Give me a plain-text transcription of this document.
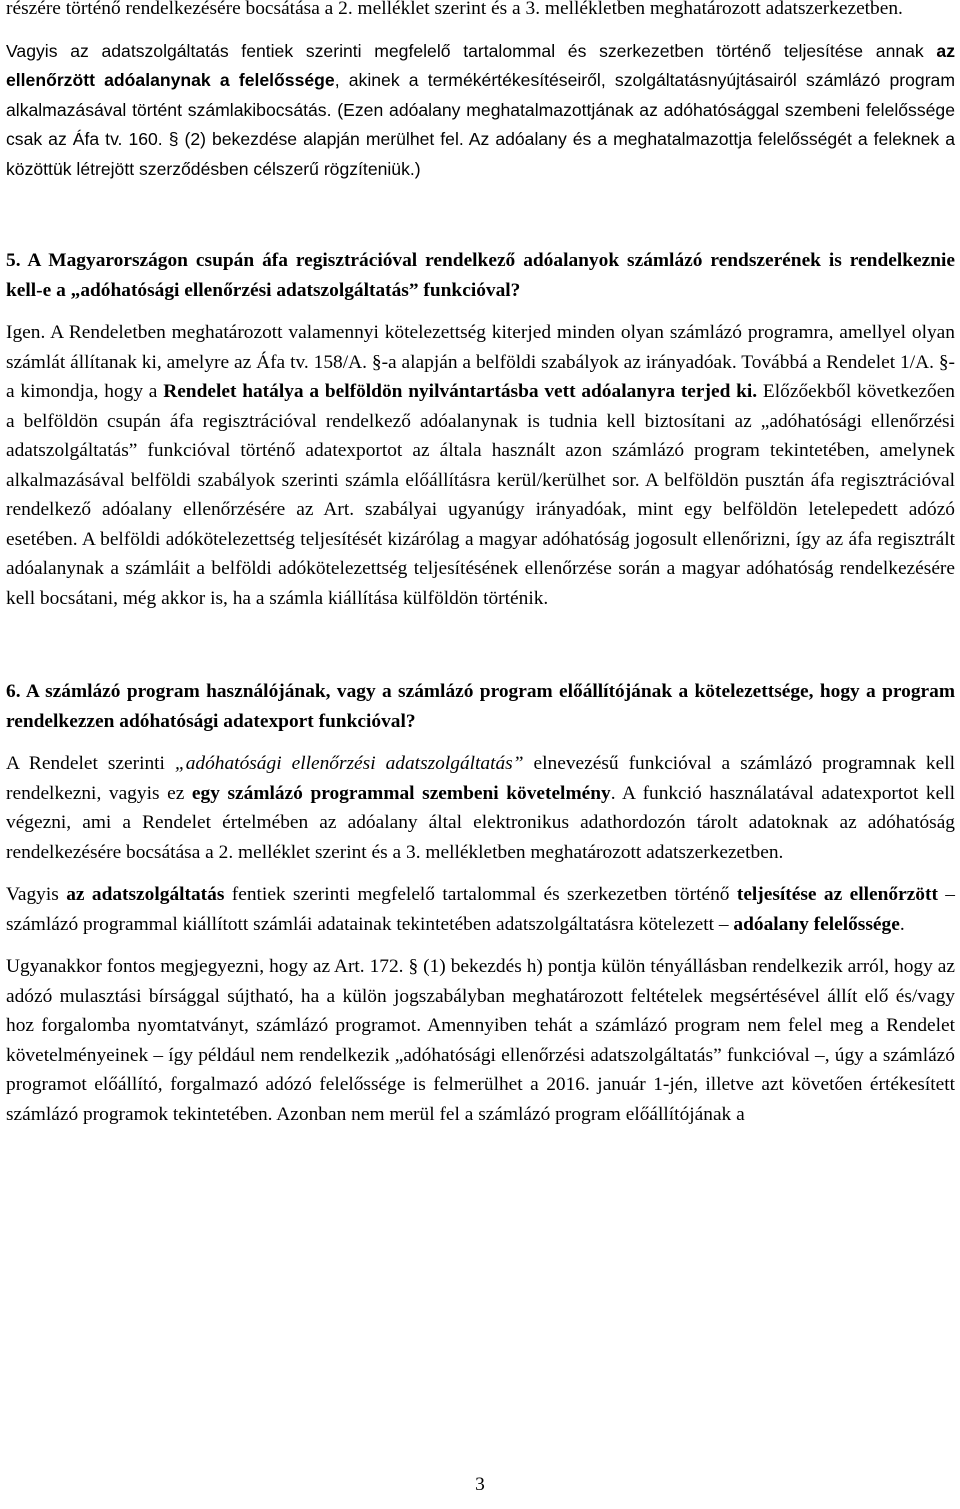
részére történő rendelkezésére bocsátása a 2. melléklet szerint és a 3. mellékletben meghatározott adatszerkezetben.

Vagyis az adatszolgáltatás fentiek szerinti megfelelő tartalommal és szerkezetben történő teljesítése annak az ellenőrzött adóalanynak a felelőssége, akinek a termékértékesítéseiről, szolgáltatásnyújtásairól számlázó program alkalmazásával történt számlakibocsátás. (Ezen adóalany meghatalmazottjának az adóhatósággal szembeni felelőssége csak az Áfa tv. 160. § (2) bekezdése alapján merülhet fel. Az adóalany és a meghatalmazottja felelősségét a feleknek a közöttük létrejött szerződésben célszerű rögzíteniük.)

5. A Magyarországon csupán áfa regisztrációval rendelkező adóalanyok számlázó rendszerének is rendelkeznie kell-e a „adóhatósági ellenőrzési adatszolgáltatás” funkcióval?

Igen. A Rendeletben meghatározott valamennyi kötelezettség kiterjed minden olyan számlázó programra, amellyel olyan számlát állítanak ki, amelyre az Áfa tv. 158/A. §-a alapján a belföldi szabályok az irányadóak. Továbbá a Rendelet 1/A. §-a kimondja, hogy a Rendelet hatálya a belföldön nyilvántartásba vett adóalanyra terjed ki. Előzőekből következően a belföldön csupán áfa regisztrációval rendelkező adóalanynak is tudnia kell biztosítani az „adóhatósági ellenőrzési adatszolgáltatás” funkcióval történő adatexportot az általa használt azon számlázó program tekintetében, amelynek alkalmazásával belföldi szabályok szerinti számla előállításra kerül/kerülhet sor. A belföldön pusztán áfa regisztrációval rendelkező adóalany ellenőrzésére az Art. szabályai ugyanúgy irányadóak, mint egy belföldön letelepedett adózó esetében. A belföldi adókötelezettség teljesítését kizárólag a magyar adóhatóság jogosult ellenőrizni, így az áfa regisztrált adóalanynak a számláit a belföldi adókötelezettség teljesítésének ellenőrzése során a magyar adóhatóság rendelkezésére kell bocsátani, még akkor is, ha a számla kiállítása külföldön történik.

6. A számlázó program használójának, vagy a számlázó program előállítójának a kötelezettsége, hogy a program rendelkezzen adóhatósági adatexport funkcióval?

A Rendelet szerinti „adóhatósági ellenőrzési adatszolgáltatás” elnevezésű funkcióval a számlázó programnak kell rendelkezni, vagyis ez egy számlázó programmal szembeni követelmény. A funkció használatával adatexportot kell végezni, ami a Rendelet értelmében az adóalany által elektronikus adathordozón tárolt adatoknak az adóhatóság rendelkezésére bocsátása a 2. melléklet szerint és a 3. mellékletben meghatározott adatszerkezetben.

Vagyis az adatszolgáltatás fentiek szerinti megfelelő tartalommal és szerkezetben történő teljesítése az ellenőrzött – számlázó programmal kiállított számlái adatainak tekintetében adatszolgáltatásra kötelezett – adóalany felelőssége.

Ugyanakkor fontos megjegyezni, hogy az Art. 172. § (1) bekezdés h) pontja külön tényállásban rendelkezik arról, hogy az adózó mulasztási bírsággal sújtható, ha a külön jogszabályban meghatározott feltételek megsértésével állít elő és/vagy hoz forgalomba nyomtatványt, számlázó programot. Amennyiben tehát a számlázó program nem felel meg a Rendelet követelményeinek – így például nem rendelkezik „adóhatósági ellenőrzési adatszolgáltatás” funkcióval –, úgy a számlázó programot előállító, forgalmazó adózó felelőssége is felmerülhet a 2016. január 1-jén, illetve azt követően értékesített számlázó programok tekintetében. Azonban nem merül fel a számlázó program előállítójának a

3
